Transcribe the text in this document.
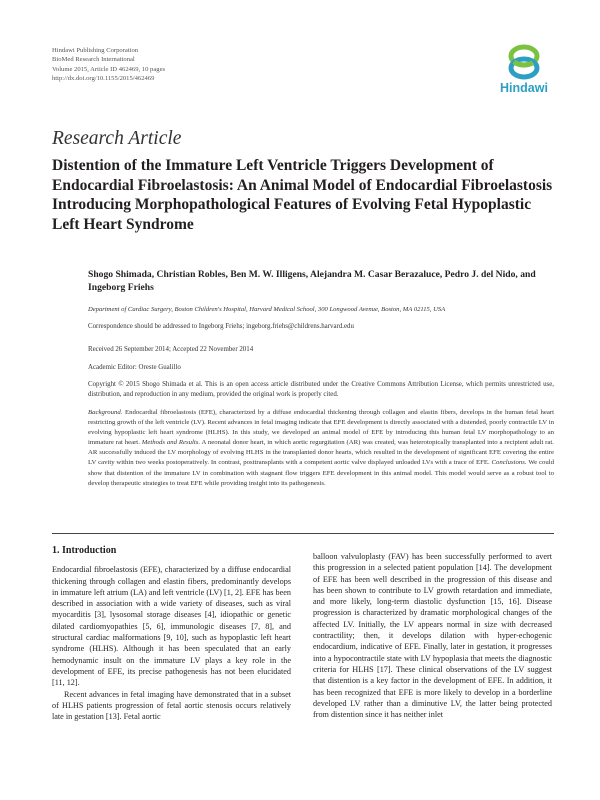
Hindawi Publishing Corporation
BioMed Research International
Volume 2015, Article ID 462469, 10 pages
http://dx.doi.org/10.1155/2015/462469
Hindawi
Research Article
Distention of the Immature Left Ventricle Triggers Development of Endocardial Fibroelastosis: An Animal Model of Endocardial Fibroelastosis Introducing Morphopathological Features of Evolving Fetal Hypoplastic Left Heart Syndrome
Shogo Shimada, Christian Robles, Ben M. W. Illigens, Alejandra M. Casar Berazaluce, Pedro J. del Nido, and Ingeborg Friehs
Department of Cardiac Surgery, Boston Children's Hospital, Harvard Medical School, 300 Longwood Avenue, Boston, MA 02115, USA
Correspondence should be addressed to Ingeborg Friehs; ingeborg.friehs@childrens.harvard.edu
Received 26 September 2014; Accepted 22 November 2014
Academic Editor: Oreste Gualillo
Copyright © 2015 Shogo Shimada et al. This is an open access article distributed under the Creative Commons Attribution License, which permits unrestricted use, distribution, and reproduction in any medium, provided the original work is properly cited.
Background. Endocardial fibroelastosis (EFE), characterized by a diffuse endocardial thickening through collagen and elastin fibers, develops in the human fetal heart restricting growth of the left ventricle (LV). Recent advances in fetal imaging indicate that EFE development is directly associated with a distended, poorly contractile LV in evolving hypoplastic left heart syndrome (HLHS). In this study, we developed an animal model of EFE by introducing this human fetal LV morphopathology to an immature rat heart. Methods and Results. A neonatal donor heart, in which aortic regurgitation (AR) was created, was heterotopically transplanted into a recipient adult rat. AR successfully induced the LV morphology of evolving HLHS in the transplanted donor hearts, which resulted in the development of significant EFE covering the entire LV cavity within two weeks postoperatively. In contrast, posttransplants with a competent aortic valve displayed unloaded LVs with a trace of EFE. Conclusions. We could show that distention of the immature LV in combination with stagnant flow triggers EFE development in this animal model. This model would serve as a robust tool to develop therapeutic strategies to treat EFE while providing insight into its pathogenesis.
1. Introduction

Endocardial fibroelastosis (EFE), characterized by a diffuse endocardial thickening through collagen and elastin fibers, predominantly develops in immature left atrium (LA) and left ventricle (LV) [1, 2]. EFE has been described in association with a wide variety of diseases, such as viral myocarditis [3], lysosomal storage diseases [4], idiopathic or genetic dilated cardiomyopathies [5, 6], immunologic diseases [7, 8], and structural cardiac malformations [9, 10], such as hypoplastic left heart syndrome (HLHS). Although it has been speculated that an early hemodynamic insult on the immature LV plays a key role in the development of EFE, its precise pathogenesis has not been elucidated [11, 12].

Recent advances in fetal imaging have demonstrated that in a subset of HLHS patients progression of fetal aortic stenosis occurs relatively late in gestation [13]. Fetal aortic

balloon valvuloplasty (FAV) has been successfully performed to avert this progression in a selected patient population [14]. The development of EFE has been well described in the progression of this disease and has been shown to contribute to LV growth retardation and immediate, and more likely, long-term diastolic dysfunction [15, 16]. Disease progression is characterized by dramatic morphological changes of the affected LV. Initially, the LV appears normal in size with decreased contractility; then, it develops dilation with hyper-echogenic endocardium, indicative of EFE. Finally, later in gestation, it progresses into a hypocontractile state with LV hypoplasia that meets the diagnostic criteria for HLHS [17]. These clinical observations of the LV suggest that distention is a key factor in the development of EFE. In addition, it has been recognized that EFE is more likely to develop in a borderline developed LV rather than a diminutive LV, the latter being protected from distention since it has neither inlet
